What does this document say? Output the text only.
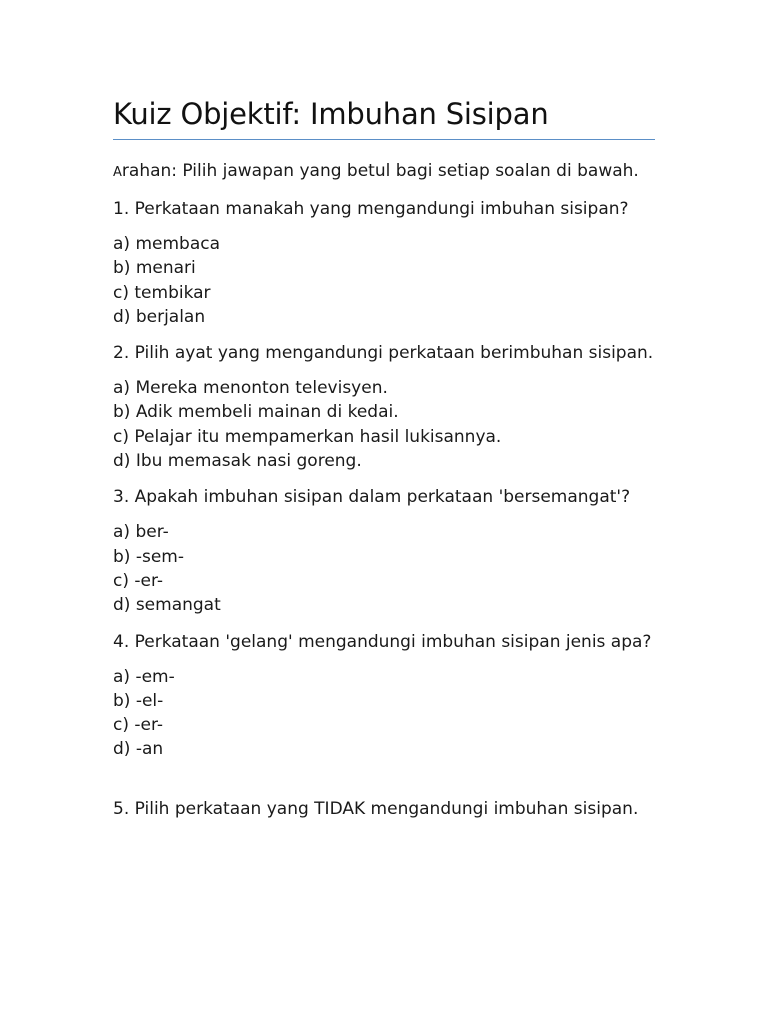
Kuiz Objektif: Imbuhan Sisipan
Arahan: Pilih jawapan yang betul bagi setiap soalan di bawah.
1. Perkataan manakah yang mengandungi imbuhan sisipan?
a) membaca
b) menari
c) tembikar
d) berjalan
2. Pilih ayat yang mengandungi perkataan berimbuhan sisipan.
a) Mereka menonton televisyen.
b) Adik membeli mainan di kedai.
c) Pelajar itu mempamerkan hasil lukisannya.
d) Ibu memasak nasi goreng.
3. Apakah imbuhan sisipan dalam perkataan 'bersemangat'?
a) ber-
b) -sem-
c) -er-
d) semangat
4. Perkataan 'gelang' mengandungi imbuhan sisipan jenis apa?
a) -em-
b) -el-
c) -er-
d) -an
5. Pilih perkataan yang TIDAK mengandungi imbuhan sisipan.
